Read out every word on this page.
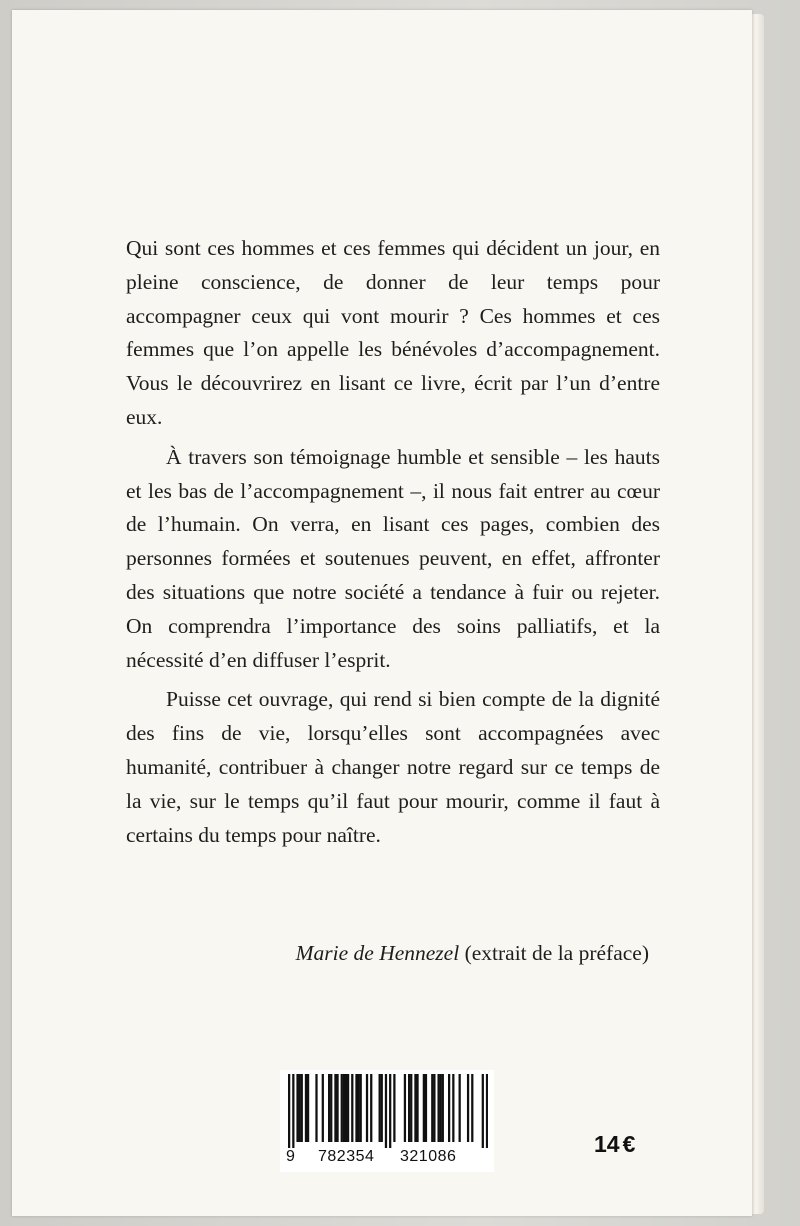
Qui sont ces hommes et ces femmes qui décident un jour, en pleine conscience, de donner de leur temps pour accompagner ceux qui vont mourir ? Ces hommes et ces femmes que l’on appelle les bénévoles d’accompagnement. Vous le découvrirez en lisant ce livre, écrit par l’un d’entre eux.

À travers son témoignage humble et sensible – les hauts et les bas de l’accompagnement –, il nous fait entrer au cœur de l’humain. On verra, en lisant ces pages, combien des personnes formées et soutenues peuvent, en effet, affronter des situations que notre société a tendance à fuir ou rejeter. On comprendra l’importance des soins palliatifs, et la nécessité d’en diffuser l’esprit.

Puisse cet ouvrage, qui rend si bien compte de la dignité des fins de vie, lorsqu’elles sont accompagnées avec humanité, contribuer à changer notre regard sur ce temps de la vie, sur le temps qu’il faut pour mourir, comme il faut à certains du temps pour naître.

Marie de Hennezel (extrait de la préface)
9 782354 321086	14 €
